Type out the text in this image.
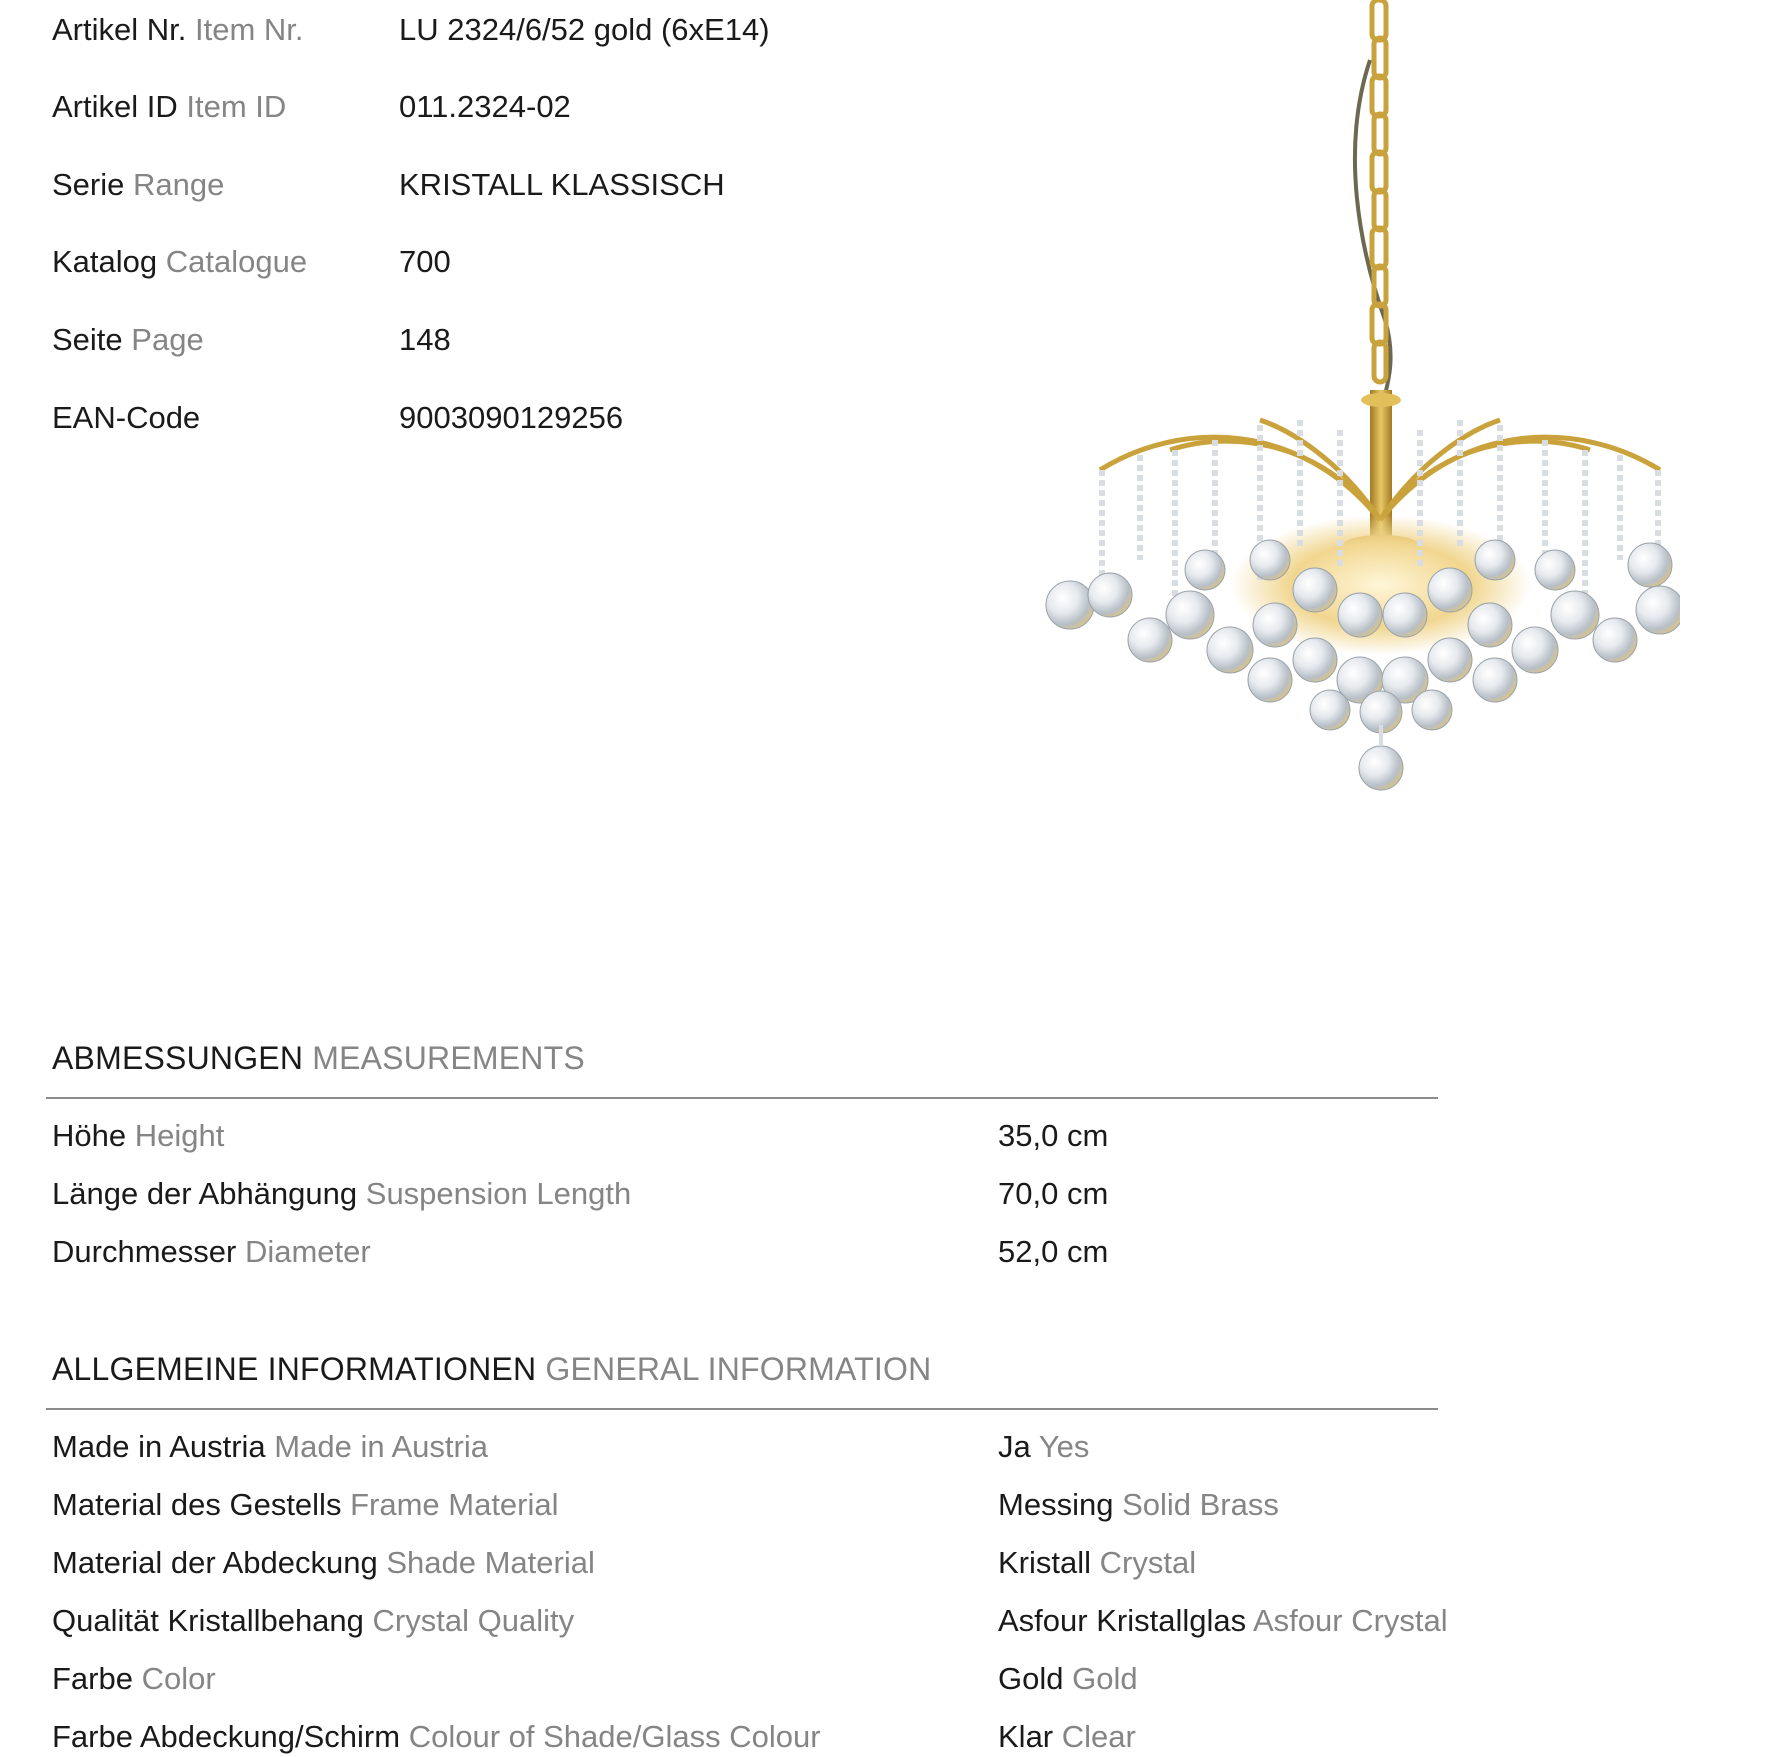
Artikel Nr. Item Nr.	LU 2324/6/52 gold (6xE14)
Artikel ID Item ID	011.2324-02
Serie Range	KRISTALL KLASSISCH
Katalog Catalogue	700
Seite Page	148
EAN-Code	9003090129256
ABMESSUNGEN MEASUREMENTS
Höhe Height	35,0 cm
Länge der Abhängung Suspension Length	70,0 cm
Durchmesser Diameter	52,0 cm
ALLGEMEINE INFORMATIONEN GENERAL INFORMATION
Made in Austria Made in Austria	Ja Yes
Material des Gestells Frame Material	Messing Solid Brass
Material der Abdeckung Shade Material	Kristall Crystal
Qualität Kristallbehang Crystal Quality	Asfour Kristallglas Asfour Crystal
Farbe Color	Gold Gold
Farbe Abdeckung/Schirm Colour of Shade/Glass Colour	Klar Clear
